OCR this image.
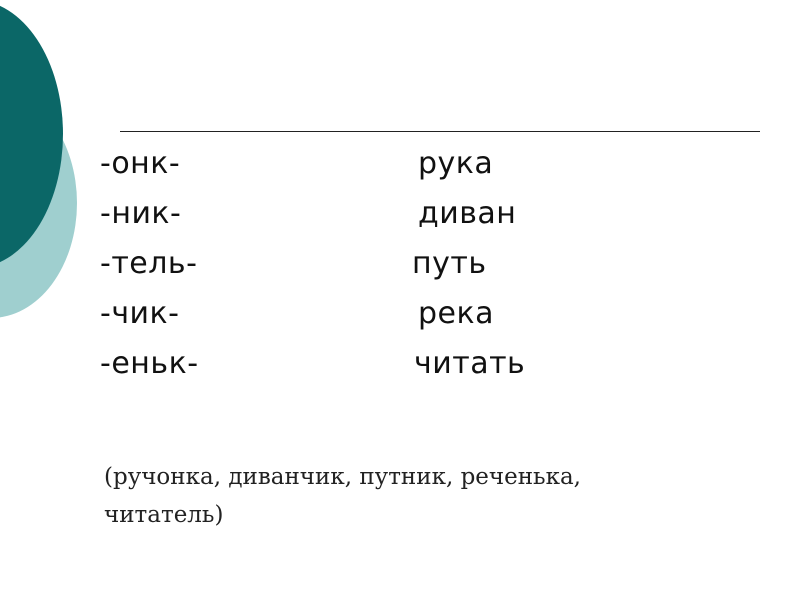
-онк-	рука
-ник-	диван
-тель-	путь
-чик-	река
-еньк-	читать
(ручонка, диванчик, путник, реченька, читатель)
